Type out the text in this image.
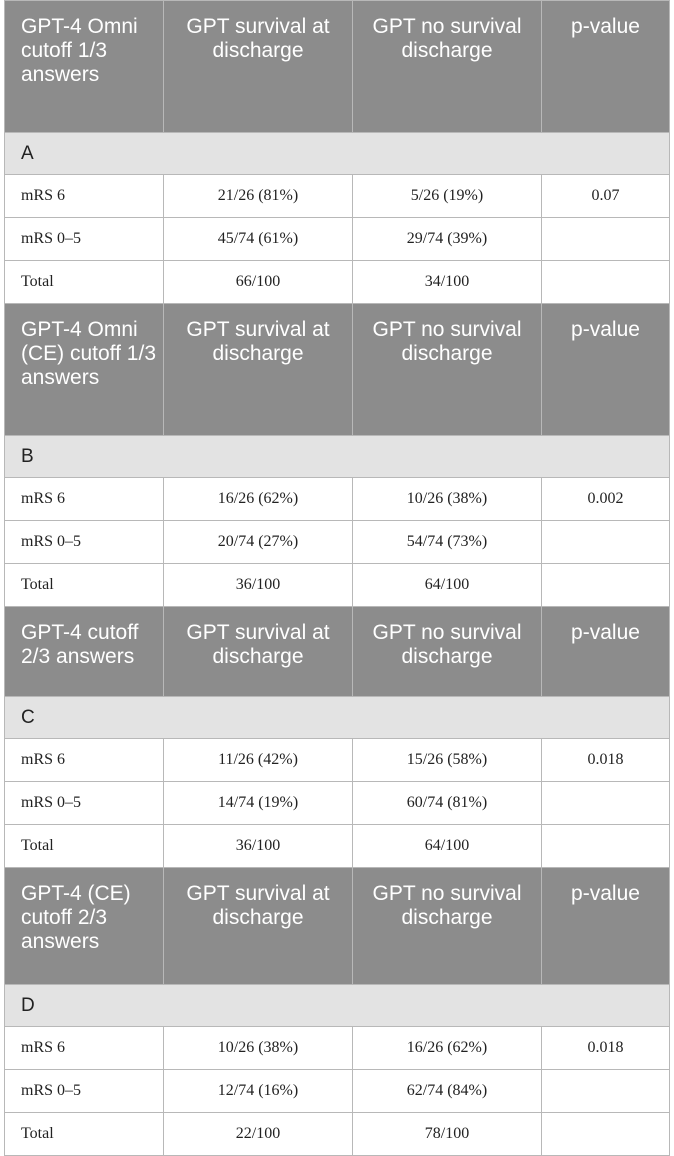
GPT-4 Omni cutoff 1/3 answers	GPT survival at discharge	GPT no survival discharge	p-value
A			
mRS 6	21/26 (81%)	5/26 (19%)	0.07
mRS 0–5	45/74 (61%)	29/74 (39%)	
Total	66/100	34/100	
GPT-4 Omni (CE) cutoff 1/3 answers	GPT survival at discharge	GPT no survival discharge	p-value
B			
mRS 6	16/26 (62%)	10/26 (38%)	0.002
mRS 0–5	20/74 (27%)	54/74 (73%)	
Total	36/100	64/100	
GPT-4 cutoff 2/3 answers	GPT survival at discharge	GPT no survival discharge	p-value
C			
mRS 6	11/26 (42%)	15/26 (58%)	0.018
mRS 0–5	14/74 (19%)	60/74 (81%)	
Total	36/100	64/100	
GPT-4 (CE) cutoff 2/3 answers	GPT survival at discharge	GPT no survival discharge	p-value
D			
mRS 6	10/26 (38%)	16/26 (62%)	0.018
mRS 0–5	12/74 (16%)	62/74 (84%)	
Total	22/100	78/100	
